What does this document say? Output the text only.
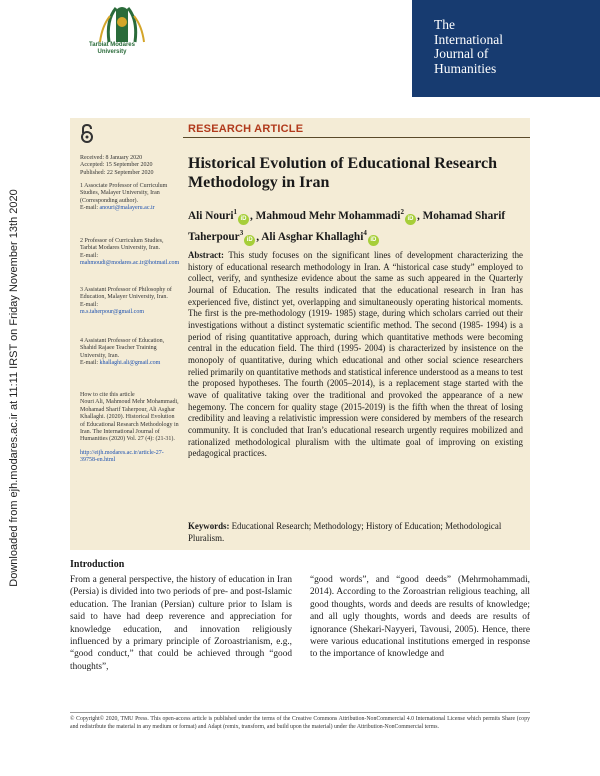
Downloaded from ejh.modares.ac.ir at 11:11 IRST on Friday November 13th 2020
Tarbiat Modares
University
The
International
Journal of
Humanities
Received: 8 January 2020
Accepted: 15 September 2020
Published: 22 September 2020
1 Associate Professor of Curriculum Studies, Malayer University, Iran (Corresponding author).
E-mail: anouri@malayeru.ac.ir
2 Professor of Curriculum Studies, Tarbiat Modares University, Iran.
E-mail:
mahmoudi@modares.ac.ir@hotmail.com
3 Assistant Professor of Philosophy of Education, Malayer University, Iran.
E-mail:
m.s.taherpour@gmail.com
4 Assistant Professor of Education, Shahid Rajaee Teacher Training University, Iran.
E-mail: khallaghi.ali@gmail.com
How to cite this article
Nouri Ali, Mahmoud Mehr Mohammadi, Mohamad Sharif Taherpour, Ali Asghar Khallaghi. (2020). Historical Evolution of Educational Research Methodology in Iran. The International Journal of Humanities (2020) Vol. 27 (4): (21-31).
http://eijh.modares.ac.ir/article-27-39758-en.html
RESEARCH ARTICLE
Historical Evolution of Educational Research Methodology in Iran
Ali Nouri$^1$iD , Mahmoud Mehr Mohammadi$^2$iD , Mohamad Sharif Taherpour$^3$iD , Ali Asghar Khallaghi$^4$iD
Abstract: This study focuses on the significant lines of development characterizing the history of educational research methodology in Iran. A “historical case study” employed to collect, verify, and synthesize evidence about the same as such appeared in the Quarterly Journal of Education. The results indicated that the educational research in Iran has experienced five, distinct yet, overlapping and simultaneously operating historical moments. The first is the pre-methodology (1919- 1985) stage, during which scholars carried out their investigations without a distinct systematic scientific method. The second (1985- 1994) is a period of rising quantitative approach, during which quantitative methods were becoming central in the education field. The third (1995- 2004) is characterized by insistence on the monopoly of quantitative, during which educational and other social science researchers relied primarily on quantitative methods and statistical inference understood as a means to test the proposed hypotheses. The fourth (2005–2014), is a replacement stage started with the wave of qualitative taking over the traditional and provoked the appearance of a new hegemony. The concern for quality stage (2015-2019) is the fifth when the threat of losing credibility and leaving a relativistic impression were considered by members of the research community. It is concluded that Iran’s educational research urgently requires mobilized and rationalized methodological pluralism with the ultimate goal of improving on existing pedagogical practices.
Keywords: Educational Research; Methodology; History of Education; Methodological Pluralism.
Introduction
From a general perspective, the history of education in Iran (Persia) is divided into two periods of pre- and post-Islamic education. The Iranian (Persian) culture prior to Islam is said to have had deep reverence and appreciation for knowledge education, and innovation religiously influenced by a primary principle of Zoroastrianism, e.g., “good conduct,” that could be achieved through “good thoughts”,
“good words”, and “good deeds” (Mehrmohammadi, 2014). According to the Zoroastrian religious teaching, all good thoughts, words and deeds are results of knowledge; and all ugly thoughts, words and deeds are results of ignorance (Shekari-Nayyeri, Tavousi, 2005). Hence, there were various educational institutions emerged in response to the importance of knowledge and
© Copyright© 2020, TMU Press. This open-access article is published under the terms of the Creative Commons Attribution-NonCommercial 4.0 International License which permits Share (copy and redistribute the material in any medium or format) and Adapt (remix, transform, and build upon the material) under the Attribution-NonCommercial terms.
